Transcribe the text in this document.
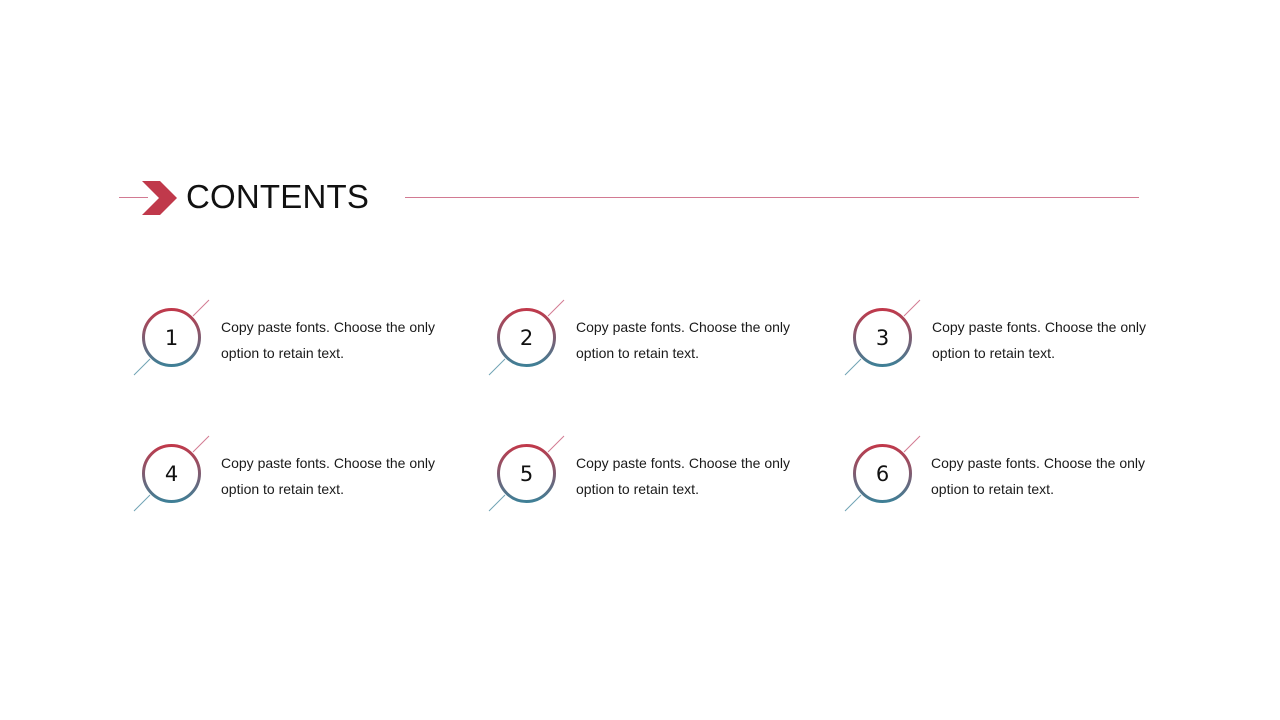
CONTENTS
1	Copy paste fonts. Choose the only
option to retain text.
2	Copy paste fonts. Choose the only
option to retain text.
3	Copy paste fonts. Choose the only
option to retain text.
4	Copy paste fonts. Choose the only
option to retain text.
5	Copy paste fonts. Choose the only
option to retain text.
6	Copy paste fonts. Choose the only
option to retain text.
